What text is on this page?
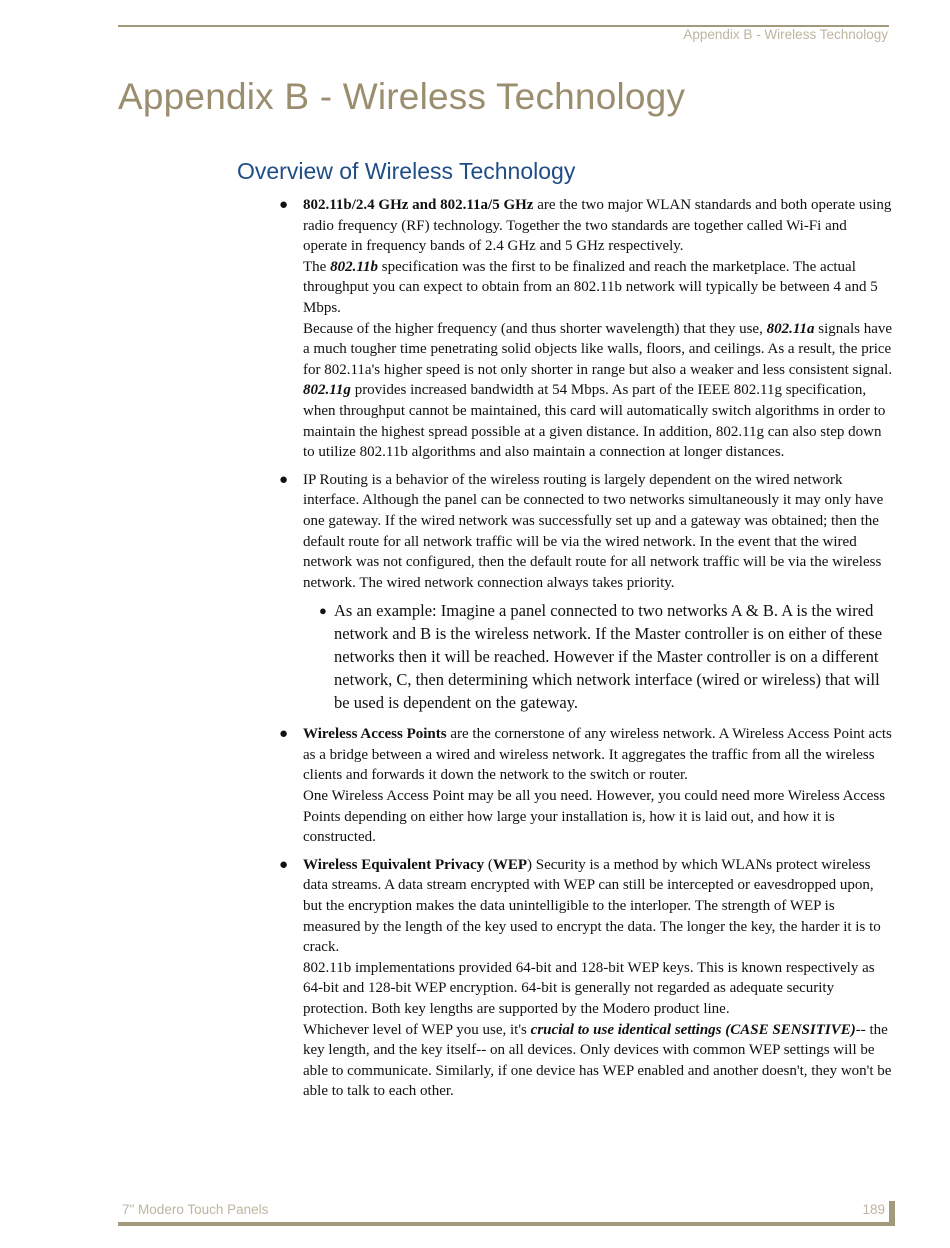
Appendix B - Wireless Technology
Appendix B - Wireless Technology
Overview of Wireless Technology
● 802.11b/2.4 GHz and 802.11a/5 GHz are the two major WLAN standards and both operate using radio frequency (RF) technology. Together the two standards are together called Wi-Fi and operate in frequency bands of 2.4 GHz and 5 GHz respectively.

The 802.11b specification was the first to be finalized and reach the marketplace. The actual throughput you can expect to obtain from an 802.11b network will typically be between 4 and 5 Mbps.

Because of the higher frequency (and thus shorter wavelength) that they use, 802.11a signals have a much tougher time penetrating solid objects like walls, floors, and ceilings. As a result, the price for 802.11a's higher speed is not only shorter in range but also a weaker and less consistent signal.

802.11g provides increased bandwidth at 54 Mbps. As part of the IEEE 802.11g specification, when throughput cannot be maintained, this card will automatically switch algorithms in order to maintain the highest spread possible at a given distance. In addition, 802.11g can also step down to utilize 802.11b algorithms and also maintain a connection at longer distances.

● IP Routing is a behavior of the wireless routing is largely dependent on the wired network interface. Although the panel can be connected to two networks simultaneously it may only have one gateway. If the wired network was successfully set up and a gateway was obtained; then the default route for all network traffic will be via the wired network. In the event that the wired network was not configured, then the default route for all network traffic will be via the wireless network. The wired network connection always takes priority.

● As an example: Imagine a panel connected to two networks A & B. A is the wired network and B is the wireless network. If the Master controller is on either of these networks then it will be reached. However if the Master controller is on a different network, C, then determining which network interface (wired or wireless) that will be used is dependent on the gateway.
● Wireless Access Points are the cornerstone of any wireless network. A Wireless Access Point acts as a bridge between a wired and wireless network. It aggregates the traffic from all the wireless clients and forwards it down the network to the switch or router.

One Wireless Access Point may be all you need. However, you could need more Wireless Access Points depending on either how large your installation is, how it is laid out, and how it is constructed.

● Wireless Equivalent Privacy (WEP) Security is a method by which WLANs protect wireless data streams. A data stream encrypted with WEP can still be intercepted or eavesdropped upon, but the encryption makes the data unintelligible to the interloper. The strength of WEP is measured by the length of the key used to encrypt the data. The longer the key, the harder it is to crack.

802.11b implementations provided 64-bit and 128-bit WEP keys. This is known respectively as 64-bit and 128-bit WEP encryption. 64-bit is generally not regarded as adequate security protection. Both key lengths are supported by the Modero product line.

Whichever level of WEP you use, it's crucial to use identical settings (CASE SENSITIVE)-- the key length, and the key itself-- on all devices. Only devices with common WEP settings will be able to communicate. Similarly, if one device has WEP enabled and another doesn't, they won't be able to talk to each other.

7" Modero Touch Panels	189
